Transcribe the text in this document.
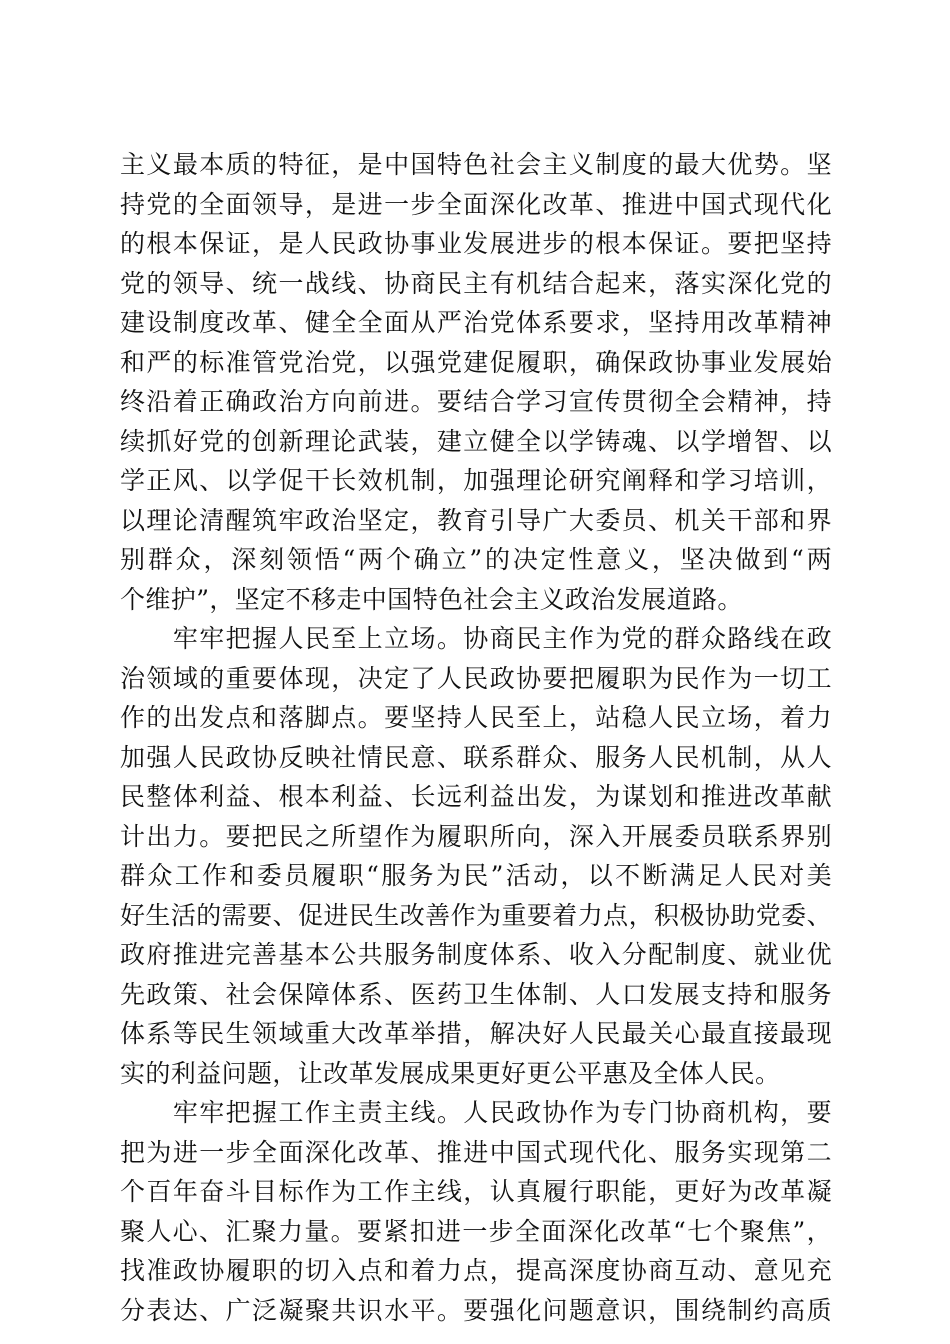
主义最本质的特征，是中国特色社会主义制度的最大优势。坚
持党的全面领导，是进一步全面深化改革、推进中国式现代化
的根本保证，是人民政协事业发展进步的根本保证。要把坚持
党的领导、统一战线、协商民主有机结合起来，落实深化党的
建设制度改革、健全全面从严治党体系要求，坚持用改革精神
和严的标准管党治党，以强党建促履职，确保政协事业发展始
终沿着正确政治方向前进。要结合学习宣传贯彻全会精神，持
续抓好党的创新理论武装，建立健全以学铸魂、以学增智、以
学正风、以学促干长效机制，加强理论研究阐释和学习培训，
以理论清醒筑牢政治坚定，教育引导广大委员、机关干部和界
别群众，深刻领悟“两个确立”的决定性意义，坚决做到“两
个维护”，坚定不移走中国特色社会主义政治发展道路。
　　牢牢把握人民至上立场。协商民主作为党的群众路线在政
治领域的重要体现，决定了人民政协要把履职为民作为一切工
作的出发点和落脚点。要坚持人民至上，站稳人民立场，着力
加强人民政协反映社情民意、联系群众、服务人民机制，从人
民整体利益、根本利益、长远利益出发，为谋划和推进改革献
计出力。要把民之所望作为履职所向，深入开展委员联系界别
群众工作和委员履职“服务为民”活动，以不断满足人民对美
好生活的需要、促进民生改善作为重要着力点，积极协助党委、
政府推进完善基本公共服务制度体系、收入分配制度、就业优
先政策、社会保障体系、医药卫生体制、人口发展支持和服务
体系等民生领域重大改革举措，解决好人民最关心最直接最现
实的利益问题，让改革发展成果更好更公平惠及全体人民。
　　牢牢把握工作主责主线。人民政协作为专门协商机构，要
把为进一步全面深化改革、推进中国式现代化、服务实现第二
个百年奋斗目标作为工作主线，认真履行职能，更好为改革凝
聚人心、汇聚力量。要紧扣进一步全面深化改革“七个聚焦”，
找准政协履职的切入点和着力点，提高深度协商互动、意见充
分表达、广泛凝聚共识水平。要强化问题意识，围绕制约高质
